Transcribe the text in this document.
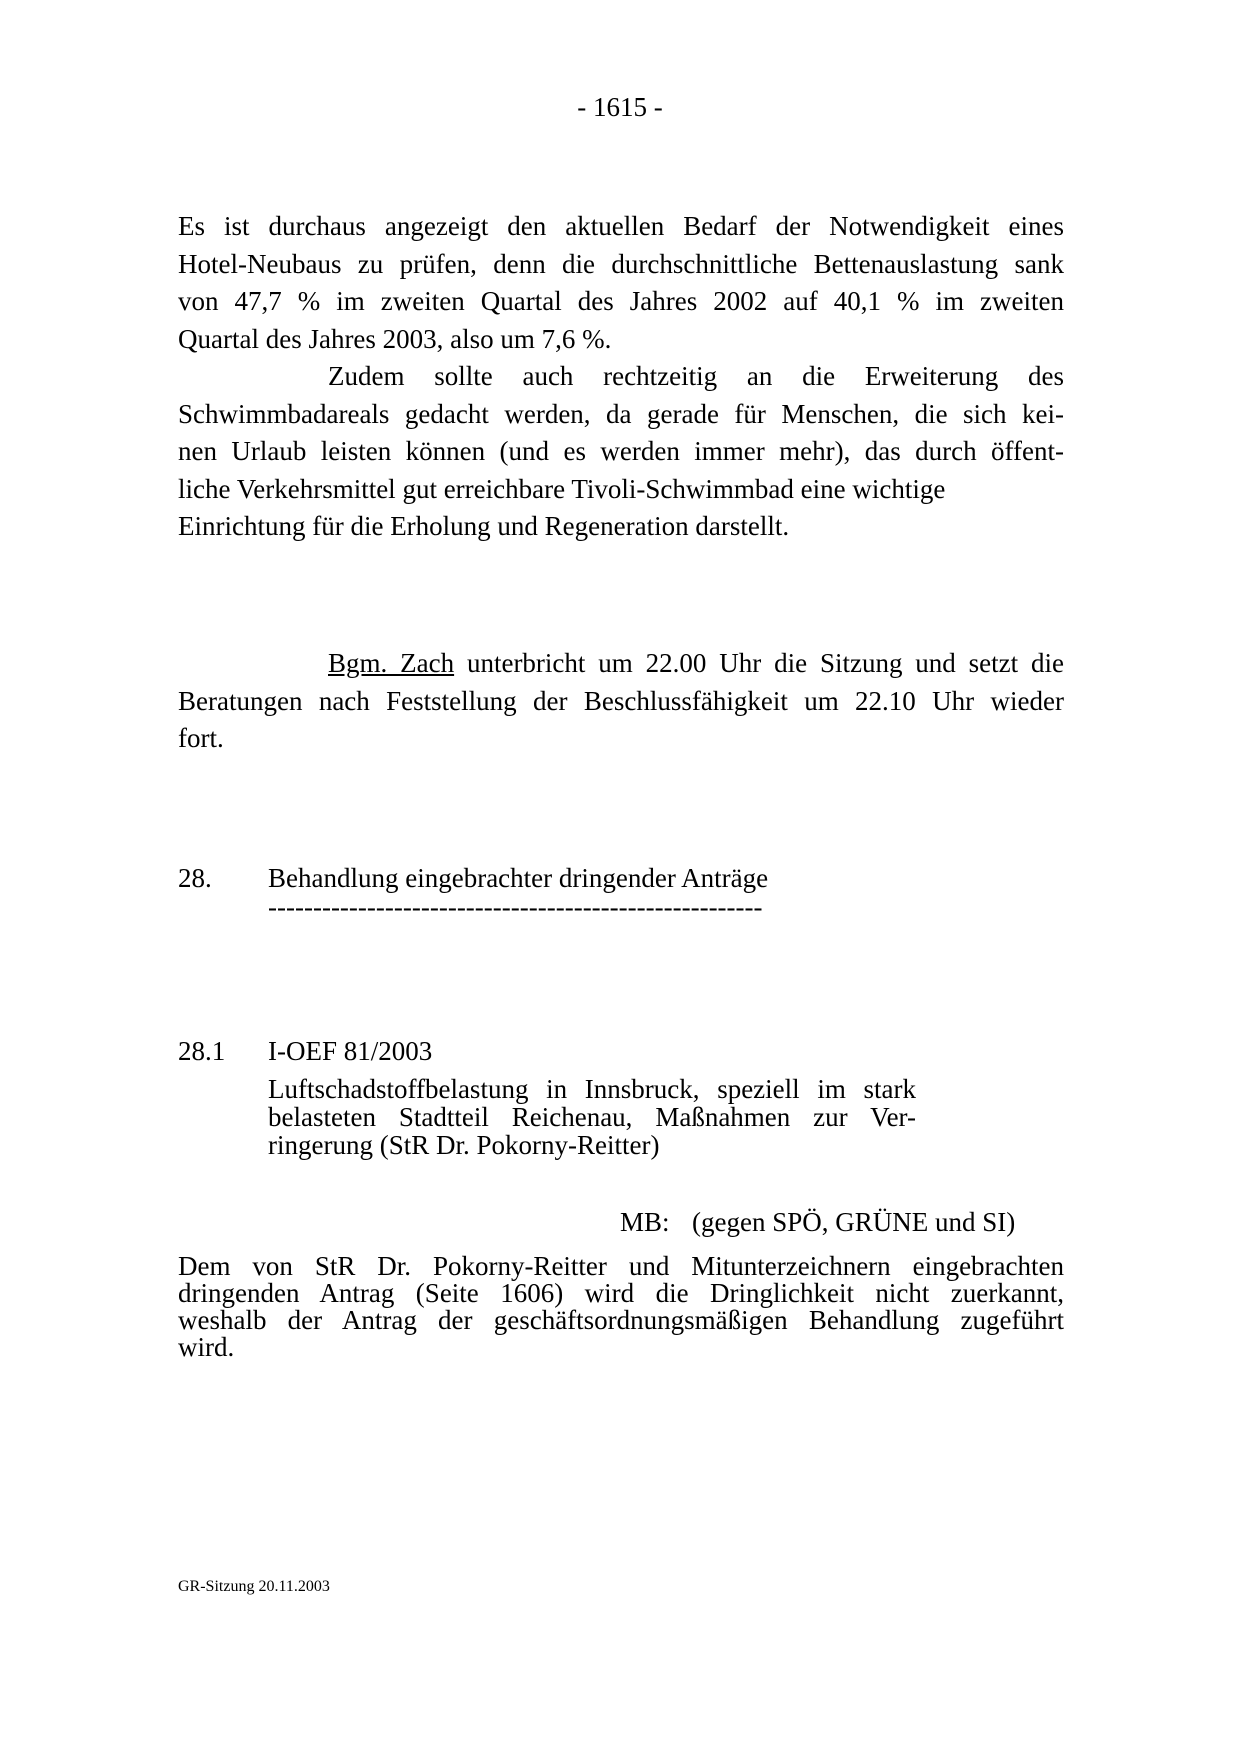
- 1615 -
Es ist durchaus angezeigt den aktuellen Bedarf der Notwendigkeit eines
Hotel-Neubaus zu prüfen, denn die durchschnittliche Bettenauslastung sank
von 47,7 % im zweiten Quartal des Jahres 2002 auf 40,1 % im zweiten
Quartal des Jahres 2003, also um 7,6 %.
Zudem sollte auch rechtzeitig an die Erweiterung des
Schwimmbadareals gedacht werden, da gerade für Menschen, die sich kei-
nen Urlaub leisten können (und es werden immer mehr), das durch öffent-
liche Verkehrsmittel gut erreichbare Tivoli-Schwimmbad eine wichtige
Einrichtung für die Erholung und Regeneration darstellt.
Bgm. Zach unterbricht um 22.00 Uhr die Sitzung und setzt die
Beratungen nach Feststellung der Beschlussfähigkeit um 22.10 Uhr wieder
fort.
28. Behandlung eingebrachter dringender Anträge
-------------------------------------------------------
28.1 I-OEF 81/2003
Luftschadstoffbelastung in Innsbruck, speziell im stark
belasteten Stadtteil Reichenau, Maßnahmen zur Ver-
ringerung (StR Dr. Pokorny-Reitter)
MB: (gegen SPÖ, GRÜNE und SI)
Dem von StR Dr. Pokorny-Reitter und Mitunterzeichnern eingebrachten
dringenden Antrag (Seite 1606) wird die Dringlichkeit nicht zuerkannt,
weshalb der Antrag der geschäftsordnungsmäßigen Behandlung zugeführt
wird.
GR-Sitzung 20.11.2003
